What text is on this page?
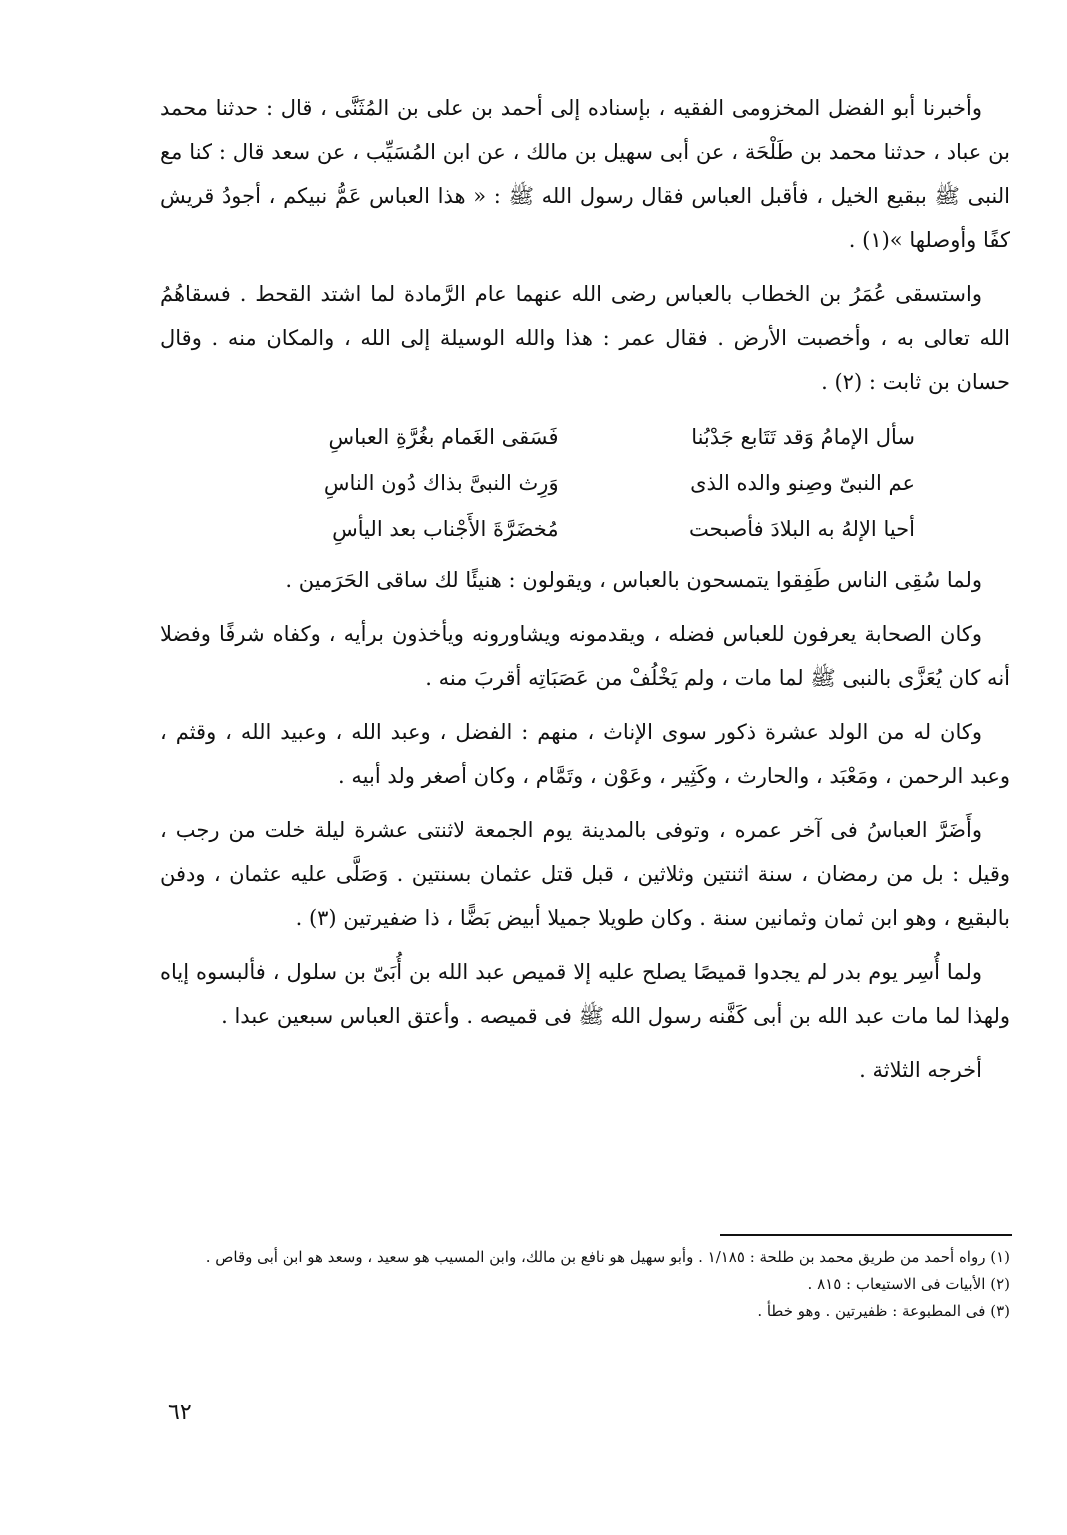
وأخبرنا أبو الفضل المخزومى الفقيه ، بإسناده إلى أحمد بن على بن المُثَنَّى ، قال : حدثنا محمد بن عباد ، حدثنا محمد بن طَلْحَة ، عن أبى سهيل بن مالك ، عن ابن المُسَيِّب ، عن سعد قال : كنا مع النبى ﷺ ببقيع الخيل ، فأقبل العباس فقال رسول الله ﷺ : « هذا العباس عَمُّ نبيكم ، أجودُ قريش كفًا وأوصلها »(١) .

واستسقى عُمَرُ بن الخطاب بالعباس رضى الله عنهما عام الرَّمادة لما اشتد القحط . فسقاهُمُ الله تعالى به ، وأخصبت الأرض . فقال عمر : هذا والله الوسيلة إلى الله ، والمكان منه . وقال حسان بن ثابت : (٢) .

سأل الإمامُ وَقد تَتَابع جَدْبُنا
فَسَقى الغَمام بغُرَّةِ العباسِ
عم النبىّ وصِنو والده الذى
وَرِث النبىَّ بذاك دُون الناسِ
أحيا الإلهُ به البلادَ فأصبحت
مُخضَرَّةَ الأَجْناب بعد اليأسِ

ولما سُقِى الناس طَفِقوا يتمسحون بالعباس ، ويقولون : هنيئًا لك ساقى الحَرَمين .

وكان الصحابة يعرفون للعباس فضله ، ويقدمونه ويشاورونه ويأخذون برأيه ، وكفاه شرفًا وفضلا أنه كان يُعَزَّى بالنبى ﷺ لما مات ، ولم يَخْلُفْ من عَصَبَاتِه أقربَ منه .

وكان له من الولد عشرة ذكور سوى الإناث ، منهم : الفضل ، وعبد الله ، وعبيد الله ، وقثم ، وعبد الرحمن ، ومَعْبَد ، والحارث ، وكَثِير ، وعَوْن ، وتَمَّام ، وكان أصغر ولد أبيه .

وأَضَرَّ العباسُ فى آخر عمره ، وتوفى بالمدينة يوم الجمعة لاثنتى عشرة ليلة خلت من رجب ، وقيل : بل من رمضان ، سنة اثنتين وثلاثين ، قبل قتل عثمان بسنتين . وَصَلَّى عليه عثمان ، ودفن بالبقيع ، وهو ابن ثمان وثمانين سنة . وكان طويلا جميلا أبيض بَضًّا ، ذا ضفيرتين (٣) .

ولما أُسِر يوم بدر لم يجدوا قميصًا يصلح عليه إلا قميص عبد الله بن أُبَىّ بن سلول ، فألبسوه إياه ولهذا لما مات عبد الله بن أبى كَفَّنه رسول الله ﷺ فى قميصه . وأعتق العباس سبعين عبدا .

أخرجه الثلاثة .

(١) رواه أحمد من طريق محمد بن طلحة : ١/١٨٥ . وأبو سهيل هو نافع بن مالك، وابن المسيب هو سعيد ، وسعد هو ابن أبى وقاص .

(٢) الأبيات فى الاستيعاب : ٨١٥ .

(٣) فى المطبوعة : ظفيرتين . وهو خطأ .

٦٢
